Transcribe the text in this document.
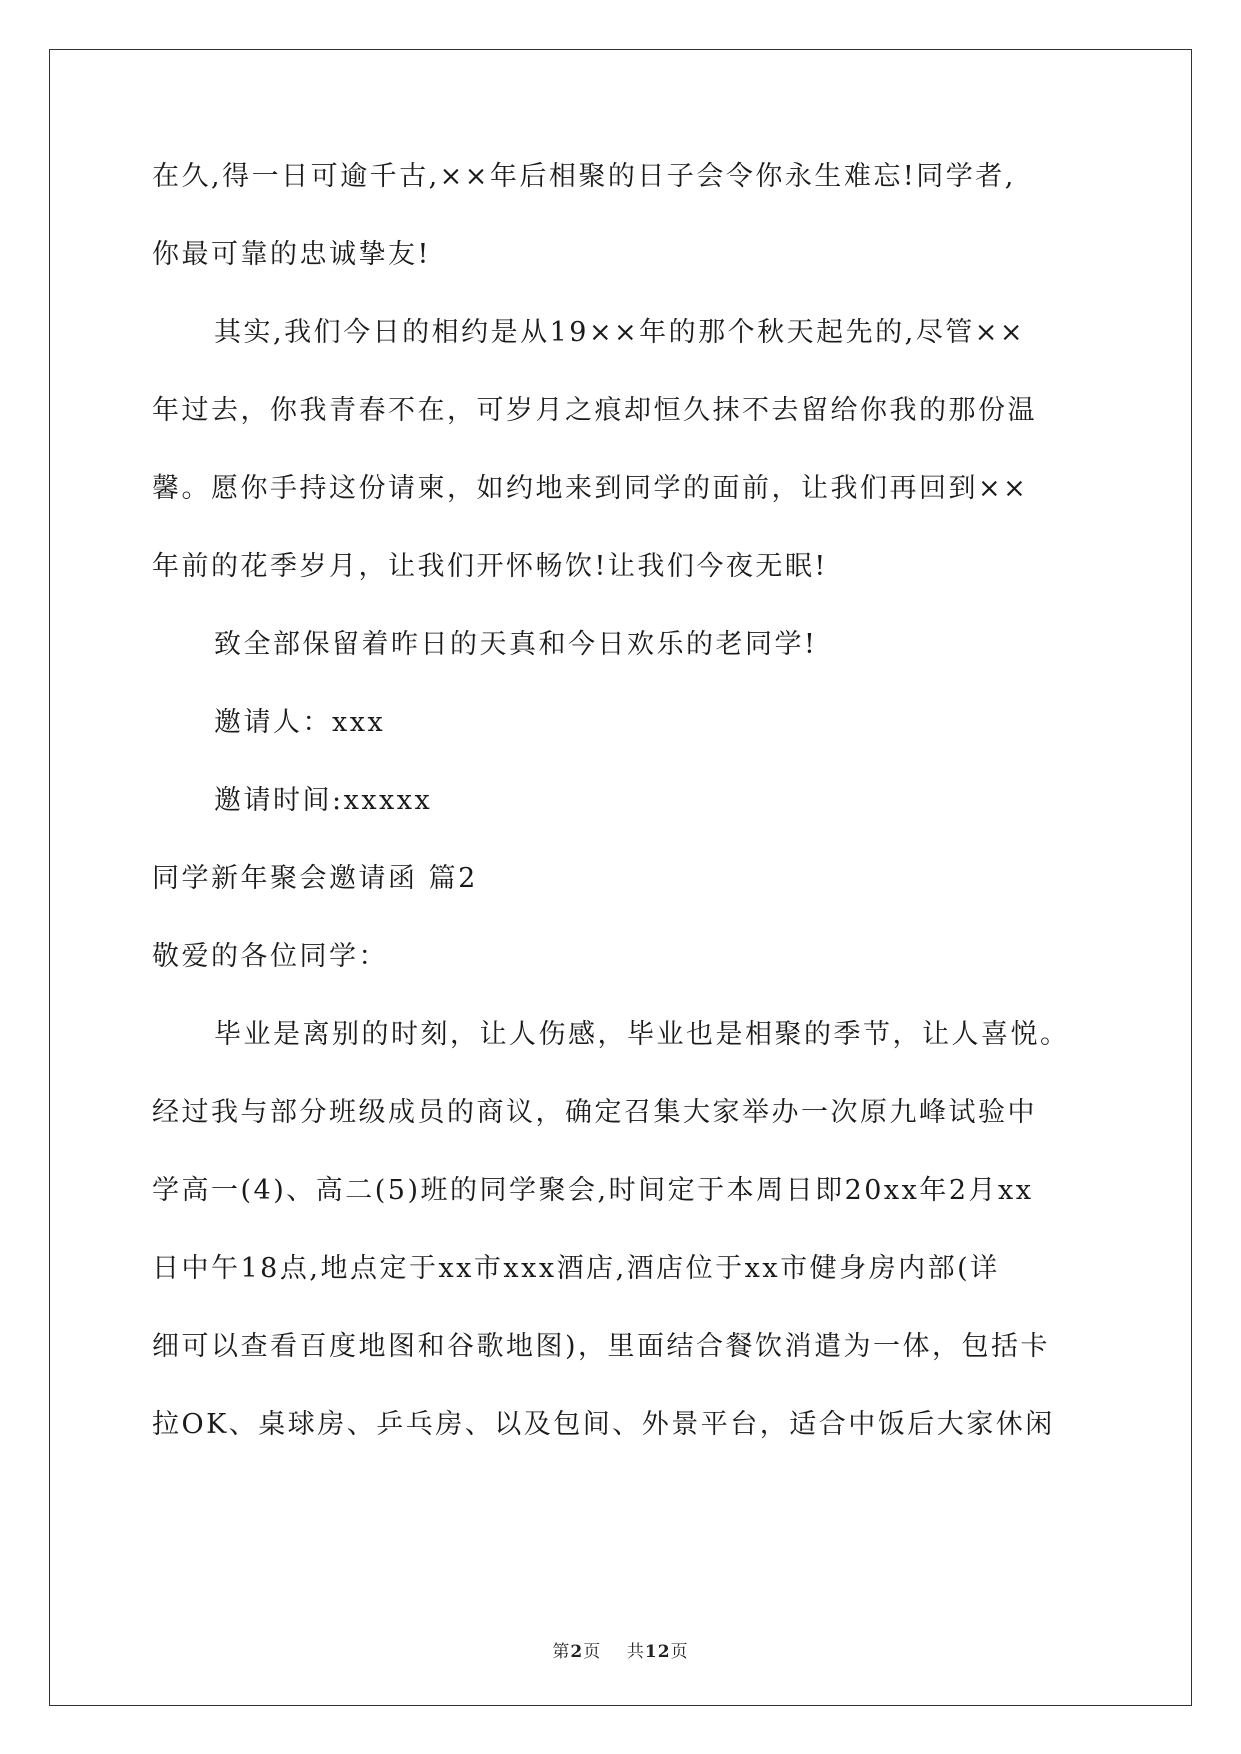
在久,得一日可逾千古,××年后相聚的日子会令你永生难忘!同学者,
你最可靠的忠诚挚友!
其实,我们今日的相约是从19××年的那个秋天起先的,尽管××
年过去，你我青春不在，可岁月之痕却恒久抹不去留给你我的那份温
馨。愿你手持这份请柬，如约地来到同学的面前，让我们再回到××
年前的花季岁月，让我们开怀畅饮!让我们今夜无眠!
致全部保留着昨日的天真和今日欢乐的老同学!
邀请人：xxx
邀请时间:xxxxx
同学新年聚会邀请函 篇2
敬爱的各位同学：
毕业是离别的时刻，让人伤感，毕业也是相聚的季节，让人喜悦。
经过我与部分班级成员的商议，确定召集大家举办一次原九峰试验中
学高一(4)、高二(5)班的同学聚会,时间定于本周日即20xx年2月xx
日中午18点,地点定于xx市xxx酒店,酒店位于xx市健身房内部(详
细可以查看百度地图和谷歌地图)，里面结合餐饮消遣为一体，包括卡
拉OK、桌球房、乒乓房、以及包间、外景平台，适合中饭后大家休闲
第2页 共12页
